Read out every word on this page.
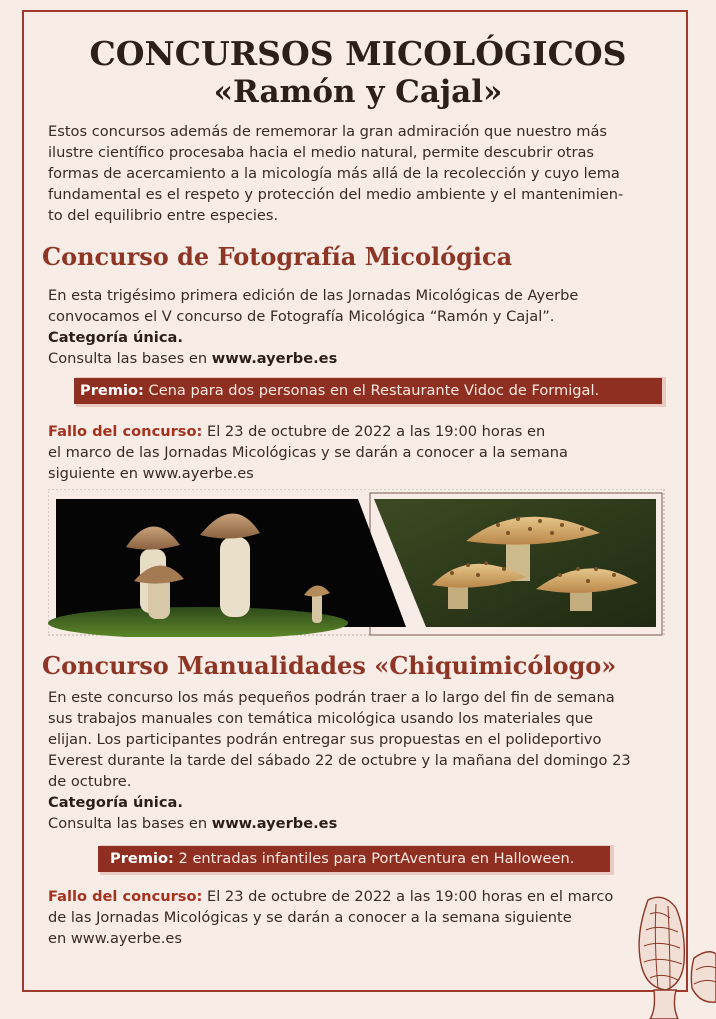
CONCURSOS MICOLÓGICOS
«Ramón y Cajal»
Estos concursos además de rememorar la gran admiración que nuestro más
ilustre científico procesaba hacia el medio natural, permite descubrir otras
formas de acercamiento a la micología más allá de la recolección y cuyo lema
fundamental es el respeto y protección del medio ambiente y el mantenimien-
to del equilibrio entre especies.
Concurso de Fotografía Micológica
En esta trigésimo primera edición de las Jornadas Micológicas de Ayerbe
convocamos el V concurso de Fotografía Micológica “Ramón y Cajal”.
Categoría única.
Consulta las bases en www.ayerbe.es
Premio: Cena para dos personas en el Restaurante Vidoc de Formigal.
Fallo del concurso: El 23 de octubre de 2022 a las 19:00 horas en
el marco de las Jornadas Micológicas y se darán a conocer a la semana
siguiente en www.ayerbe.es
Concurso Manualidades «Chiquimicólogo»
En este concurso los más pequeños podrán traer a lo largo del fin de semana
sus trabajos manuales con temática micológica usando los materiales que
elijan. Los participantes podrán entregar sus propuestas en el polideportivo
Everest durante la tarde del sábado 22 de octubre y la mañana del domingo 23
de octubre.
Categoría única.
Consulta las bases en www.ayerbe.es
Premio: 2 entradas infantiles para PortAventura en Halloween.
Fallo del concurso: El 23 de octubre de 2022 a las 19:00 horas en el marco
de las Jornadas Micológicas y se darán a conocer a la semana siguiente
en www.ayerbe.es
